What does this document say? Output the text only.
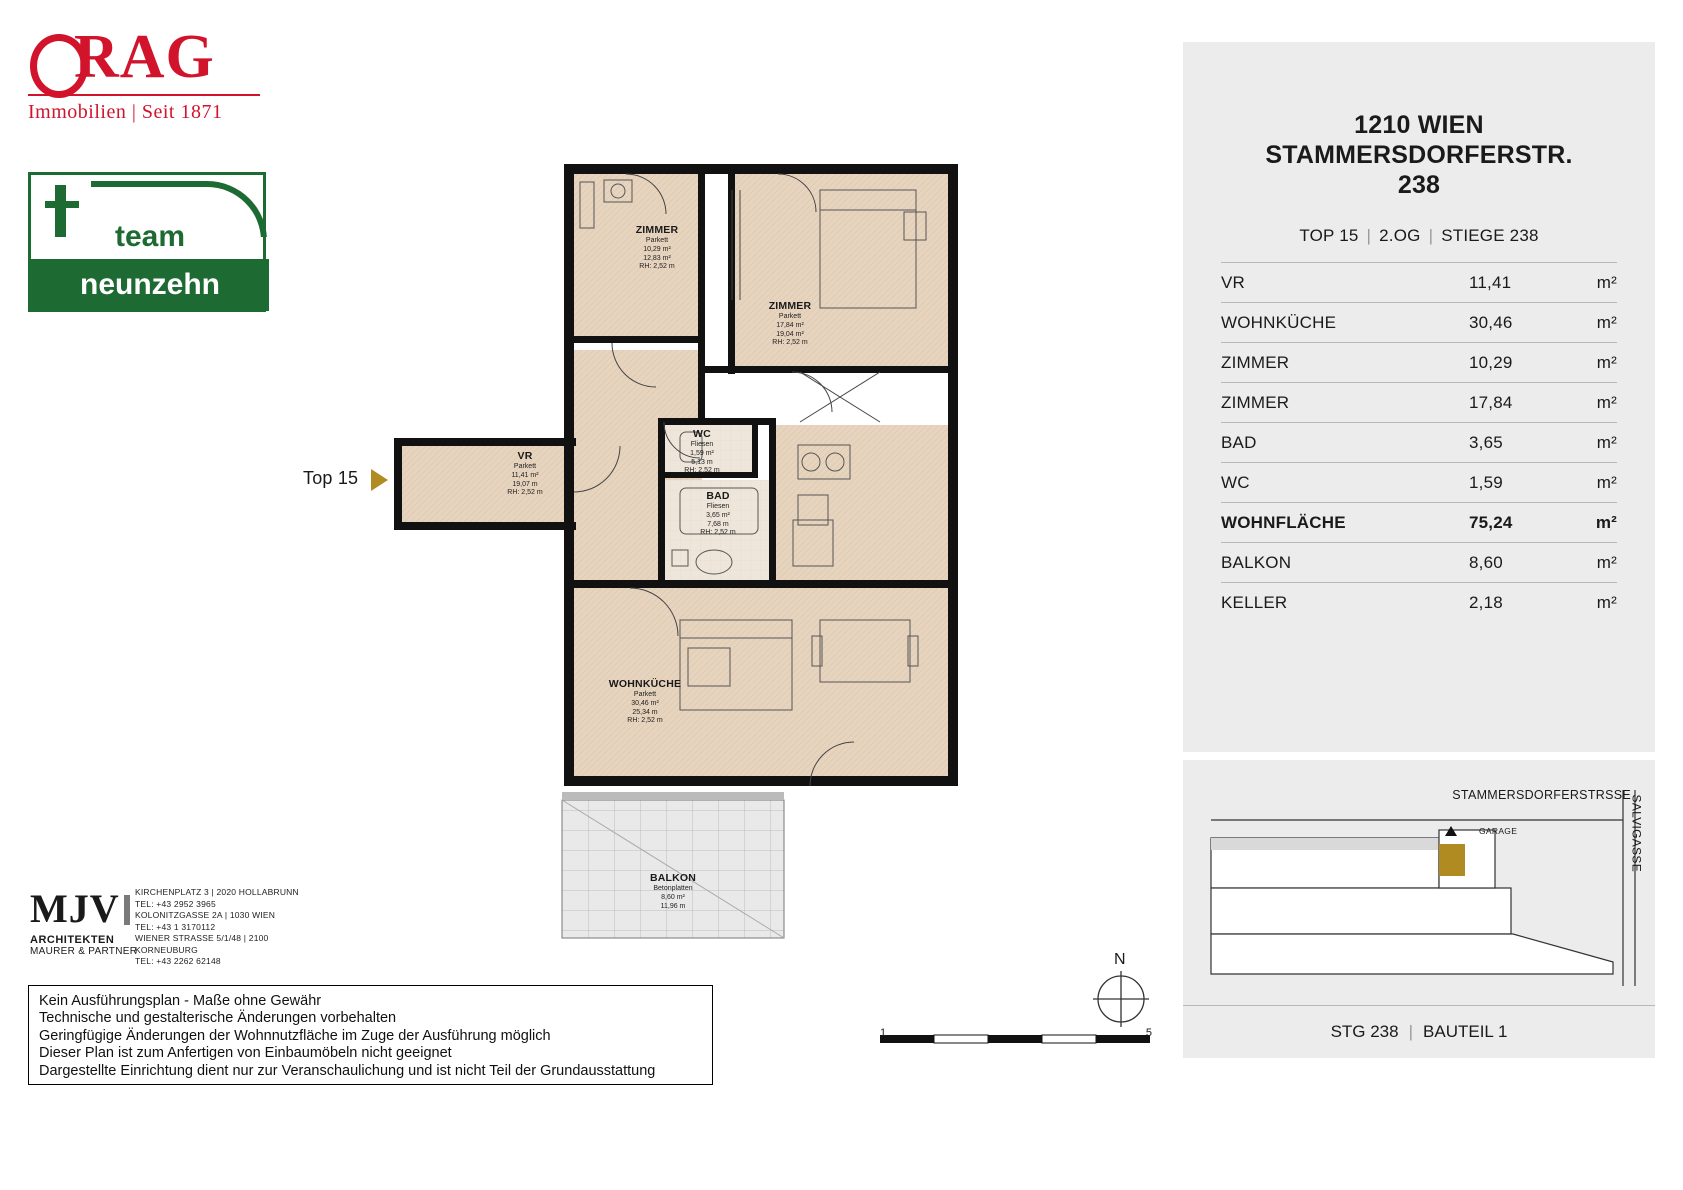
RAG
Immobilien | Seit 1871
team
neunzehn
ZIMMER
Parkett
10,29 m²
12,83 m²
RH: 2,52 m
ZIMMER
Parkett
17,84 m²
19,04 m²
RH: 2,52 m
VR
Parkett
11,41 m²
19,07 m
RH: 2,52 m
WC
Fliesen
1,59 m²
5,13 m
RH: 2,52 m
BAD
Fliesen
3,65 m²
7,68 m
RH: 2,52 m
WOHNKÜCHE
Parkett
30,46 m²
25,34 m
RH: 2,52 m
BALKON
Betonplatten
8,60 m²
11,96 m
Top 15
N
1	5
1210 WIEN
STAMMERSDORFERSTR.
238
TOP 15 | 2.OG | STIEGE 238
VR	11,41	m²
WOHNKÜCHE	30,46	m²
ZIMMER	10,29	m²
ZIMMER	17,84	m²
BAD	3,65	m²
WC	1,59	m²
WOHNFLÄCHE	75,24	m²
BALKON	8,60	m²
KELLER	2,18	m²
STAMMERSDORFERSTRSSE
GARAGE	SALVIGASSE
STG 238 | BAUTEIL 1
MJV
ARCHITEKTEN
MAURER & PARTNER
KIRCHENPLATZ 3 | 2020 HOLLABRUNN
TEL: +43 2952 3965
KOLONITZGASSE 2A | 1030 WIEN
TEL: +43 1 3170112
WIENER STRASSE 5/1/48 | 2100 KORNEUBURG
TEL: +43 2262 62148
Kein Ausführungsplan - Maße ohne Gewähr
Technische und gestalterische Änderungen vorbehalten
Geringfügige Änderungen der Wohnnutzfläche im Zuge der Ausführung möglich
Dieser Plan ist zum Anfertigen von Einbaumöbeln nicht geeignet
Dargestellte Einrichtung dient nur zur Veranschaulichung und ist nicht Teil der Grundausstattung
